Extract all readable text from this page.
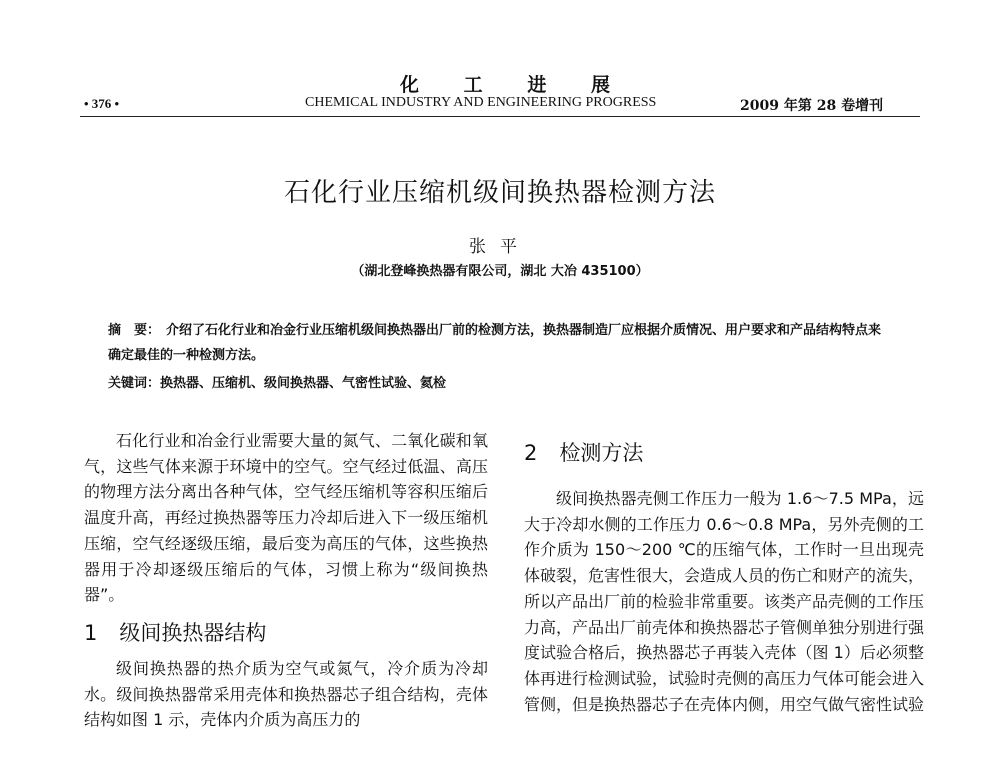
化 工 进 展
• 376 •	CHEMICAL INDUSTRY AND ENGINEERING PROGRESS	2009 年第 28 卷增刊
石化行业压缩机级间换热器检测方法
张平
（湖北登峰换热器有限公司，湖北 大冶 435100）

摘　要： 介绍了石化行业和冶金行业压缩机级间换热器出厂前的检测方法，换热器制造厂应根据介质情况、用户要求和产品结构特点来确定最佳的一种检测方法。

关键词：换热器、压缩机、级间换热器、气密性试验、氦检

石化行业和冶金行业需要大量的氮气、二氧化碳和氧气，这些气体来源于环境中的空气。空气经过低温、高压的物理方法分离出各种气体，空气经压缩机等容积压缩后温度升高，再经过换热器等压力冷却后进入下一级压缩机压缩，空气经逐级压缩，最后变为高压的气体，这些换热器用于冷却逐级压缩后的气体，习惯上称为“级间换热器”。

1 级间换热器结构

级间换热器的热介质为空气或氮气，冷介质为冷却水。级间换热器常采用壳体和换热器芯子组合结构，壳体结构如图 1 示，壳体内介质为高压力的

2 检测方法

级间换热器壳侧工作压力一般为 1.6～7.5 MPa，远大于冷却水侧的工作压力 0.6～0.8 MPa，另外壳侧的工作介质为 150～200 ℃的压缩气体，工作时一旦出现壳体破裂，危害性很大，会造成人员的伤亡和财产的流失，所以产品出厂前的检验非常重要。该类产品壳侧的工作压力高，产品出厂前壳体和换热器芯子管侧单独分别进行强度试验合格后，换热器芯子再装入壳体（图 1）后必须整体再进行检测试验，试验时壳侧的高压力气体可能会进入管侧，但是换热器芯子在壳体内侧，用空气做气密性试验
